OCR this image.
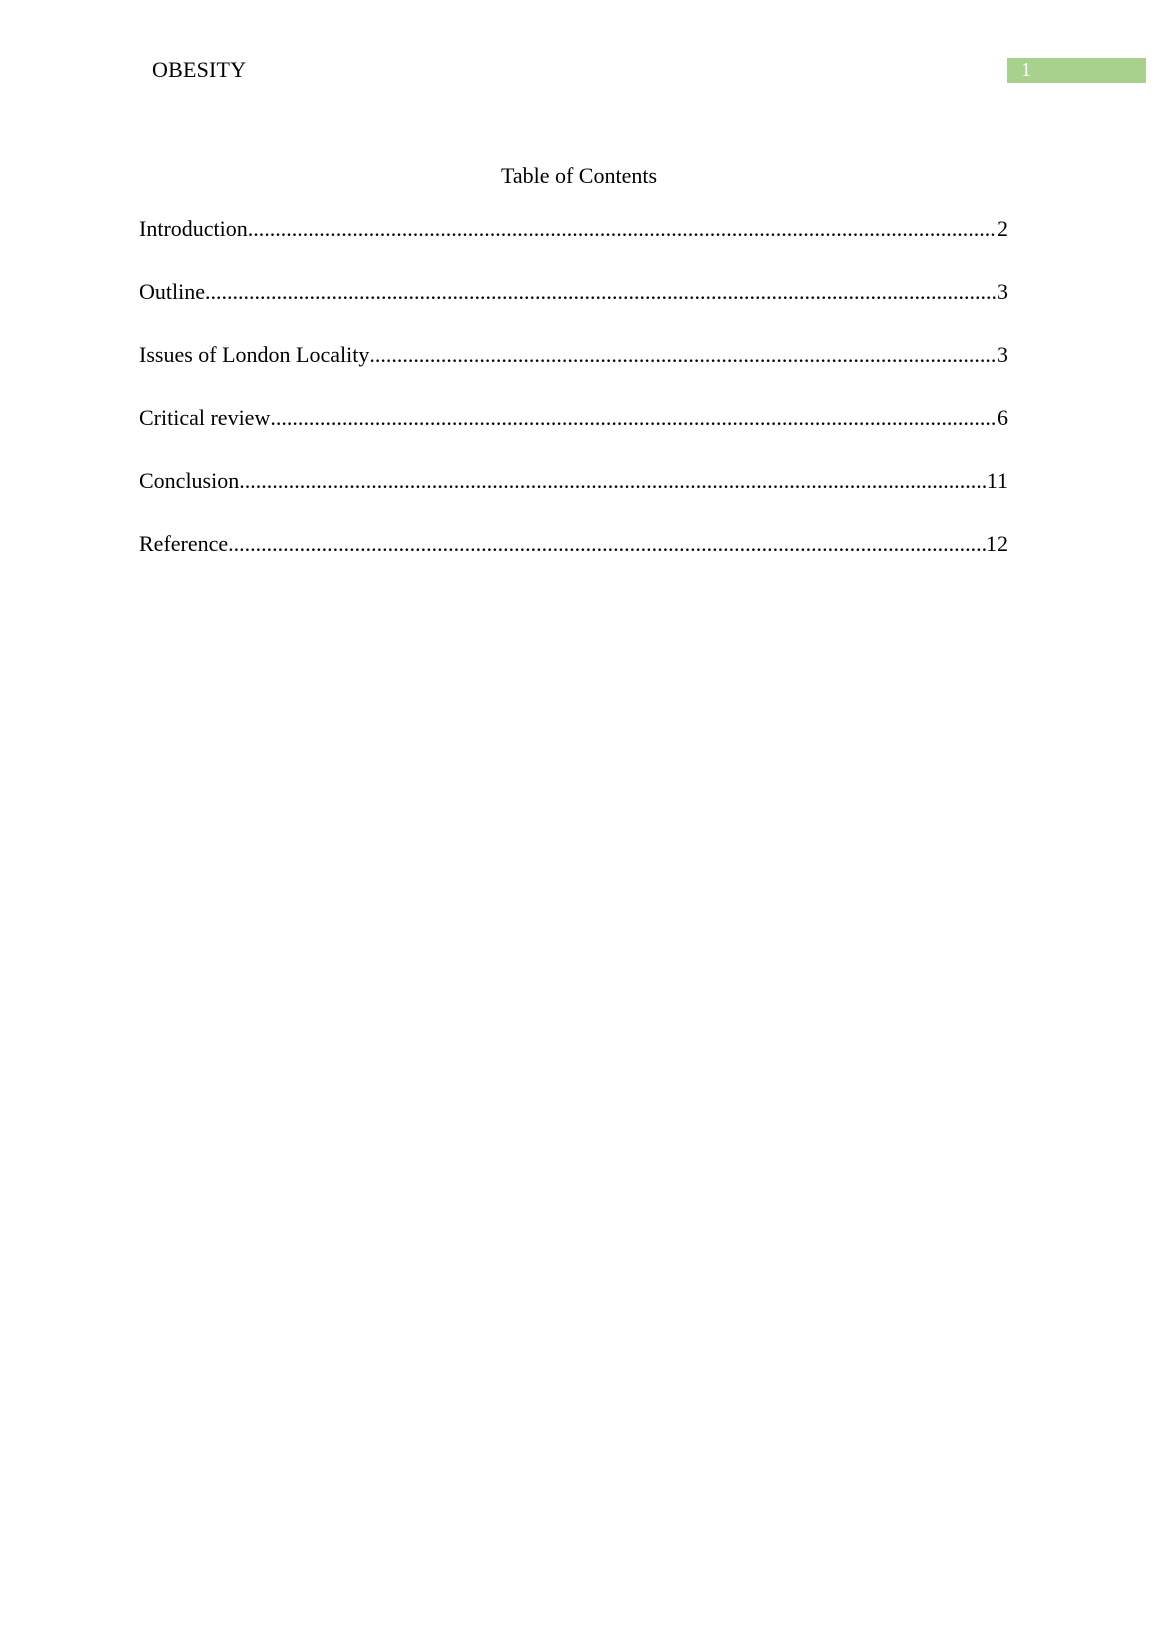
OBESITY	1
Table of Contents
Introduction .....	2
Outline .....	3
Issues of London Locality .....	3
Critical review .....	6
Conclusion .....	11
Reference .....	12
